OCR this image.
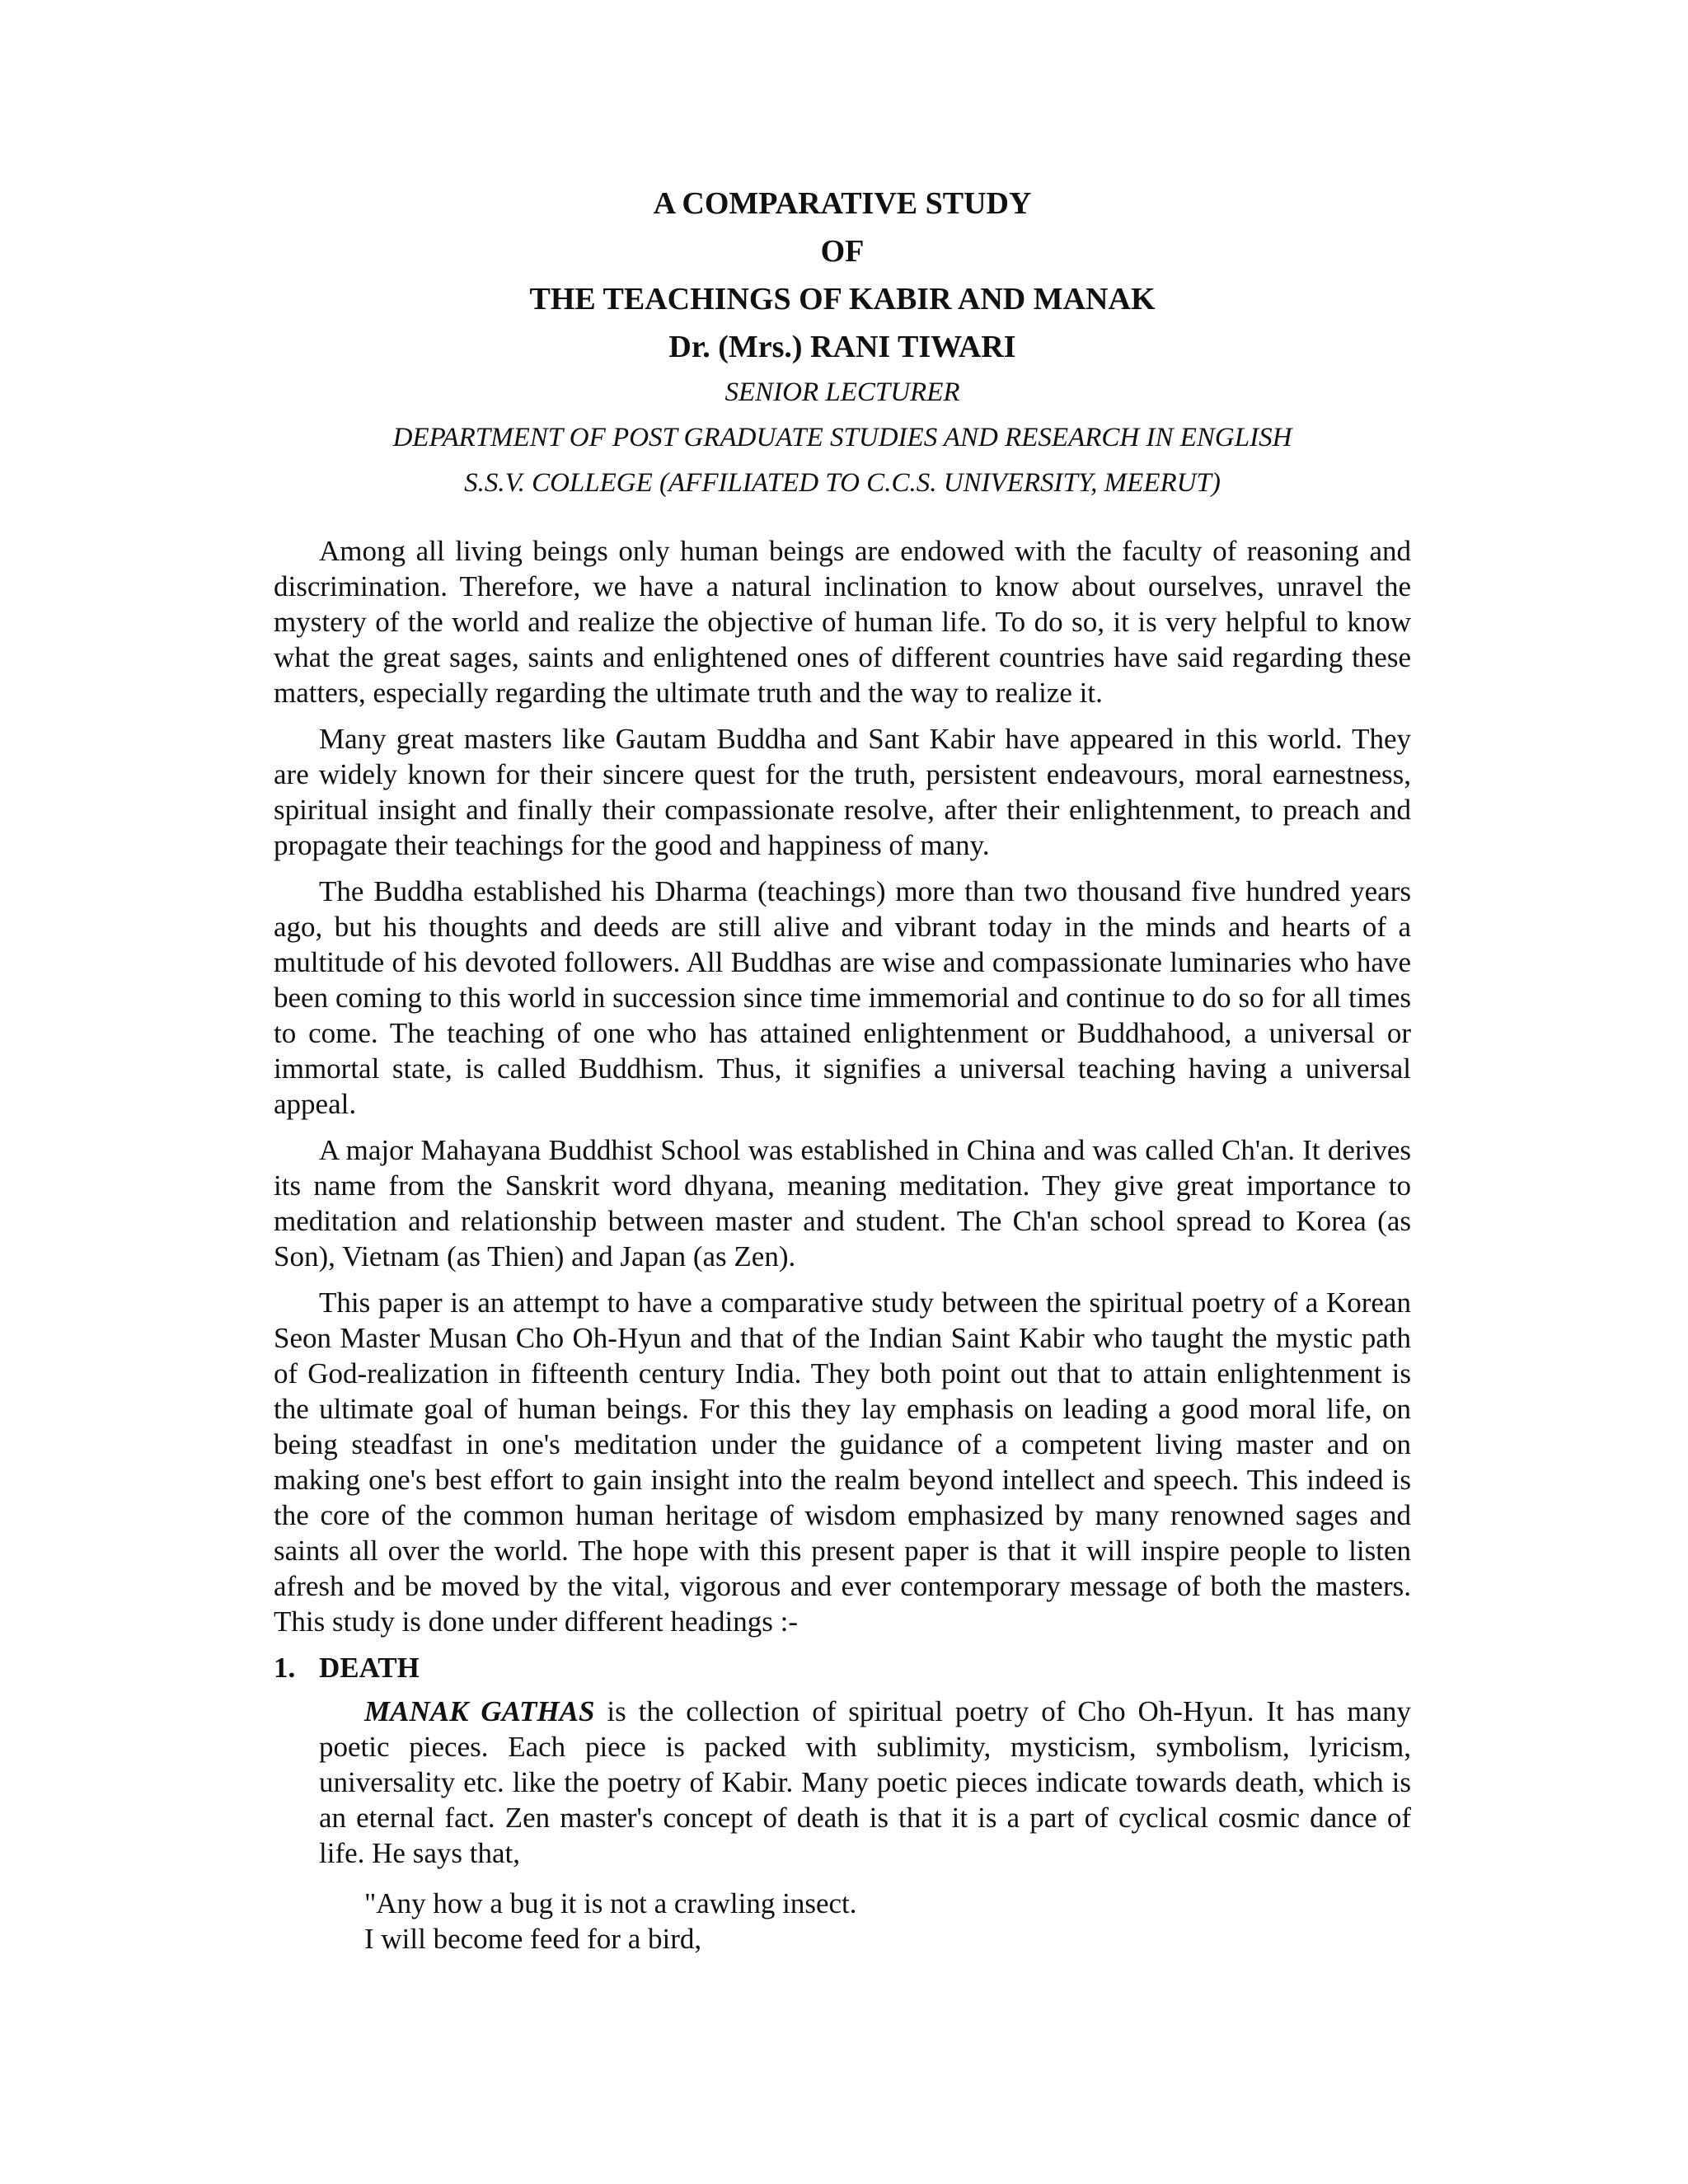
A COMPARATIVE STUDY

OF

THE TEACHINGS OF KABIR AND MANAK

Dr. (Mrs.) RANI TIWARI

SENIOR LECTURER

DEPARTMENT OF POST GRADUATE STUDIES AND RESEARCH IN ENGLISH

S.S.V. COLLEGE (AFFILIATED TO C.C.S. UNIVERSITY, MEERUT)

Among all living beings only human beings are endowed with the faculty of reasoning and discrimination. Therefore, we have a natural inclination to know about ourselves, unravel the mystery of the world and realize the objective of human life. To do so, it is very helpful to know what the great sages, saints and enlightened ones of different countries have said regarding these matters, especially regarding the ultimate truth and the way to realize it.

Many great masters like Gautam Buddha and Sant Kabir have appeared in this world. They are widely known for their sincere quest for the truth, persistent endeavours, moral earnestness, spiritual insight and finally their compassionate resolve, after their enlightenment, to preach and propagate their teachings for the good and happiness of many.

The Buddha established his Dharma (teachings) more than two thousand five hundred years ago, but his thoughts and deeds are still alive and vibrant today in the minds and hearts of a multitude of his devoted followers. All Buddhas are wise and compassionate luminaries who have been coming to this world in succession since time immemorial and continue to do so for all times to come. The teaching of one who has attained enlightenment or Buddhahood, a universal or immortal state, is called Buddhism. Thus, it signifies a universal teaching having a universal appeal.

A major Mahayana Buddhist School was established in China and was called Ch'an. It derives its name from the Sanskrit word dhyana, meaning meditation. They give great importance to meditation and relationship between master and student. The Ch'an school spread to Korea (as Son), Vietnam (as Thien) and Japan (as Zen).

This paper is an attempt to have a comparative study between the spiritual poetry of a Korean Seon Master Musan Cho Oh-Hyun and that of the Indian Saint Kabir who taught the mystic path of God-realization in fifteenth century India. They both point out that to attain enlightenment is the ultimate goal of human beings. For this they lay emphasis on leading a good moral life, on being steadfast in one's meditation under the guidance of a competent living master and on making one's best effort to gain insight into the realm beyond intellect and speech. This indeed is the core of the common human heritage of wisdom emphasized by many renowned sages and saints all over the world. The hope with this present paper is that it will inspire people to listen afresh and be moved by the vital, vigorous and ever contemporary message of both the masters. This study is done under different headings :-

1. DEATH

MANAK GATHAS is the collection of spiritual poetry of Cho Oh-Hyun. It has many poetic pieces. Each piece is packed with sublimity, mysticism, symbolism, lyricism, universality etc. like the poetry of Kabir. Many poetic pieces indicate towards death, which is an eternal fact. Zen master's concept of death is that it is a part of cyclical cosmic dance of life. He says that,

"Any how a bug it is not a crawling insect.
I will become feed for a bird,
